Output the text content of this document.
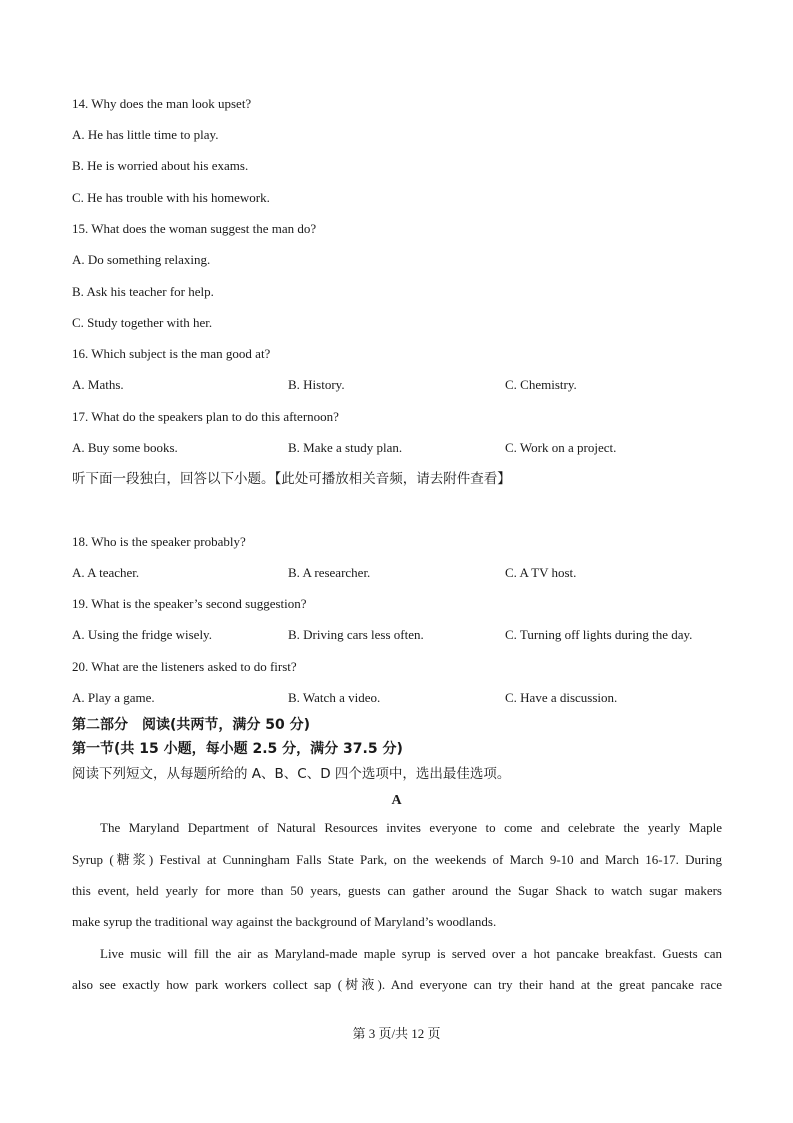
14. Why does the man look upset?
A. He has little time to play.
B. He is worried about his exams.
C. He has trouble with his homework.
15. What does the woman suggest the man do?
A. Do something relaxing.
B. Ask his teacher for help.
C. Study together with her.
16. Which subject is the man good at?
A. Maths.	B. History.	C. Chemistry.
17. What do the speakers plan to do this afternoon?
A. Buy some books.	B. Make a study plan.	C. Work on a project.
听下面一段独白，回答以下小题。【此处可播放相关音频，请去附件查看】
18. Who is the speaker probably?
A. A teacher.	B. A researcher.	C. A TV host.
19. What is the speaker’s second suggestion?
A. Using the fridge wisely.	B. Driving cars less often.	C. Turning off lights during the day.
20. What are the listeners asked to do first?
A. Play a game.	B. Watch a video.	C. Have a discussion.
第二部分　阅读(共两节，满分 50 分)
第一节(共 15 小题，每小题 2.5 分，满分 37.5 分)
阅读下列短文，从每题所给的 A、B、C、D 四个选项中，选出最佳选项。
A
The Maryland Department of Natural Resources invites everyone to come and celebrate the yearly Maple
Syrup (糖浆) Festival at Cunningham Falls State Park, on the weekends of March 9-10 and March 16-17. During
this event, held yearly for more than 50 years, guests can gather around the Sugar Shack to watch sugar makers
make syrup the traditional way against the background of Maryland’s woodlands.
Live music will fill the air as Maryland-made maple syrup is served over a hot pancake breakfast. Guests can
also see exactly how park workers collect sap (树液). And everyone can try their hand at the great pancake race
第 3 页/共 12 页
